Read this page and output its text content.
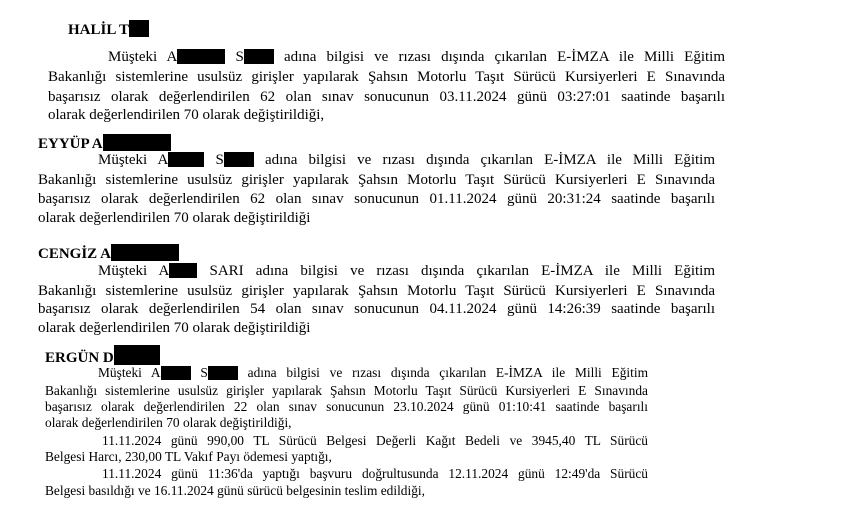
HALİL T
Müşteki A	S	adına bilgisi ve rızası dışında çıkarılan E-İMZA ile Milli Eğitim
Bakanlığı sistemlerine usulsüz girişler yapılarak Şahsın Motorlu Taşıt Sürücü Kursiyerleri E Sınavında
başarısız olarak değerlendirilen 62 olan sınav sonucunun 03.11.2024 günü 03:27:01 saatinde başarılı
olarak değerlendirilen 70 olarak değiştirildiği,
EYYÜP A
Müşteki A	S	adına bilgisi ve rızası dışında çıkarılan E-İMZA ile Milli Eğitim
Bakanlığı sistemlerine usulsüz girişler yapılarak Şahsın Motorlu Taşıt Sürücü Kursiyerleri E Sınavında
başarısız olarak değerlendirilen 62 olan sınav sonucunun 01.11.2024 günü 20:31:24 saatinde başarılı
olarak değerlendirilen 70 olarak değiştirildiği
CENGİZ A
Müşteki A	SARI adına bilgisi ve rızası dışında çıkarılan E-İMZA ile Milli Eğitim
Bakanlığı sistemlerine usulsüz girişler yapılarak Şahsın Motorlu Taşıt Sürücü Kursiyerleri E Sınavında
başarısız olarak değerlendirilen 54 olan sınav sonucunun 04.11.2024 günü 14:26:39 saatinde başarılı
olarak değerlendirilen 70 olarak değiştirildiği
ERGÜN D
Müşteki A	S	adına bilgisi ve rızası dışında çıkarılan E-İMZA ile Milli Eğitim
Bakanlığı sistemlerine usulsüz girişler yapılarak Şahsın Motorlu Taşıt Sürücü Kursiyerleri E Sınavında
başarısız olarak değerlendirilen 22 olan sınav sonucunun 23.10.2024 günü 01:10:41 saatinde başarılı
olarak değerlendirilen 70 olarak değiştirildiği,
11.11.2024 günü 990,00 TL Sürücü Belgesi Değerli Kağıt Bedeli ve 3945,40 TL Sürücü
Belgesi Harcı, 230,00 TL Vakıf Payı ödemesi yaptığı,
11.11.2024 günü 11:36'da yaptığı başvuru doğrultusunda 12.11.2024 günü 12:49'da Sürücü
Belgesi basıldığı ve 16.11.2024 günü sürücü belgesinin teslim edildiği,
